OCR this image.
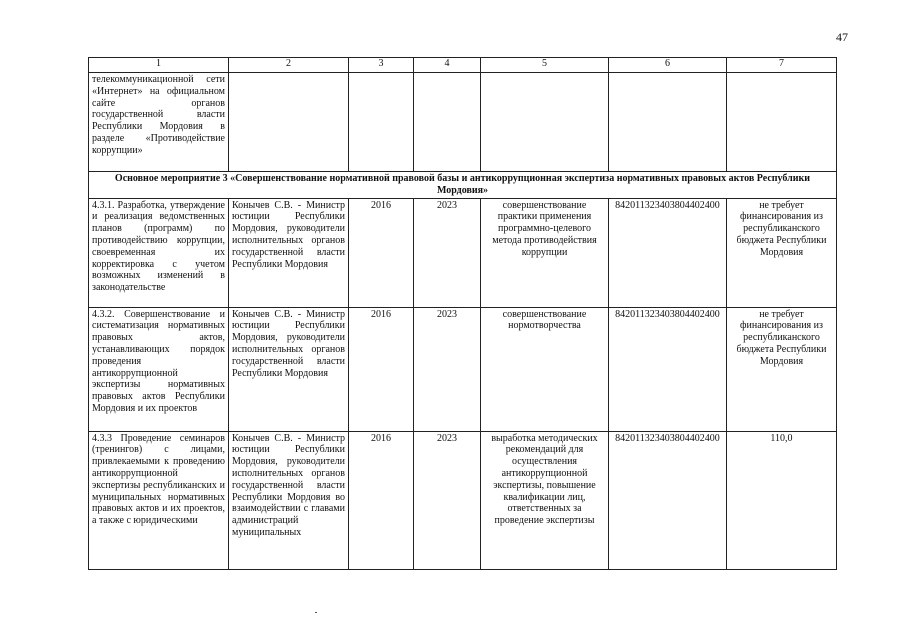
47
1	2	3	4	5	6	7
телекоммуникационной сети «Интернет» на официальном сайте органов государственной власти Республики Мордовия в разделе «Противодействие коррупции»						
Основное мероприятие 3 «Совершенствование нормативной правовой базы и антикоррупционная экспертиза нормативных правовых актов Республики Мордовия»						
4.3.1. Разработка, утверждение и реализация ведомственных планов (программ) по противодействию коррупции, своевременная их корректировка с учетом возможных изменений в законодательстве	Конычев С.В. - Министр юстиции Республики Мордовия, руководители исполнительных органов государственной власти Республики Мордовия	2016	2023	совершенствование практики применения программно-целевого метода противодействия коррупции	842011323403804402400	не требует финансирования из республиканского бюджета Республики Мордовия
4.3.2. Совершенствование и систематизация нормативных правовых актов, устанавливающих порядок проведения антикоррупционной экспертизы нормативных правовых актов Республики Мордовия и их проектов	Конычев С.В. - Министр юстиции Республики Мордовия, руководители исполнительных органов государственной власти Республики Мордовия	2016	2023	совершенствование нормотворчества	842011323403804402400	не требует финансирования из республиканского бюджета Республики Мордовия
4.3.3 Проведение семинаров (тренингов) с лицами, привлекаемыми к проведению антикоррупционной экспертизы республиканских и муниципальных нормативных правовых актов и их проектов, а также с юридическими	Конычев С.В. - Министр юстиции Республики Мордовия, руководители исполнительных органов государственной власти Республики Мордовия во взаимодействии с главами администраций муниципальных	2016	2023	выработка методических рекомендаций для осуществления антикоррупционной экспертизы, повышение квалификации лиц, ответственных за проведение экспертизы	842011323403804402400	110,0
